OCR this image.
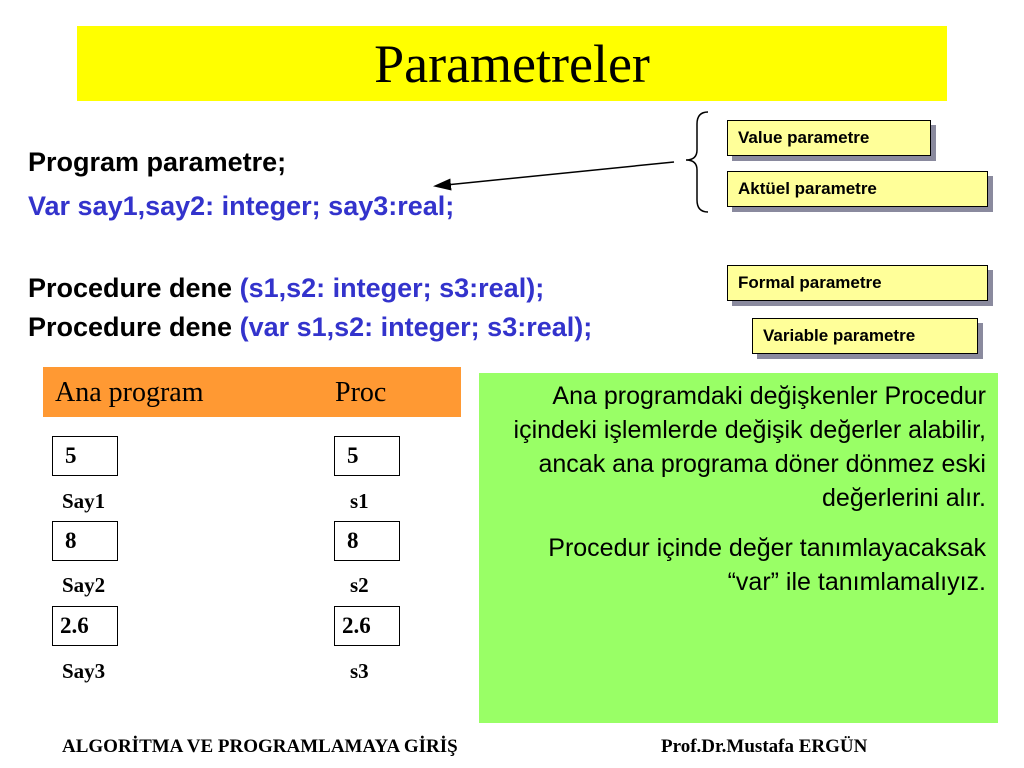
Parametreler
Program parametre;
Var say1,say2: integer; say3:real;
Procedure dene (s1,s2: integer; s3:real);
Procedure dene (var s1,s2: integer; s3:real);
Value parametre
Aktüel parametre
Formal parametre
Variable parametre
Ana program	Proc
5	5
Say1	s1
8	8
Say2	s2
2.6	2.6
Say3	s3

Ana programdaki değişkenler Procedur içindeki işlemlerde değişik değerler alabilir, ancak ana programa döner dönmez eski değerlerini alır.

Procedur içinde değer tanımlayacaksak “var” ile tanımlamalıyız.

ALGORİTMA VE PROGRAMLAMAYA GİRİŞ	Prof.Dr.Mustafa ERGÜN
